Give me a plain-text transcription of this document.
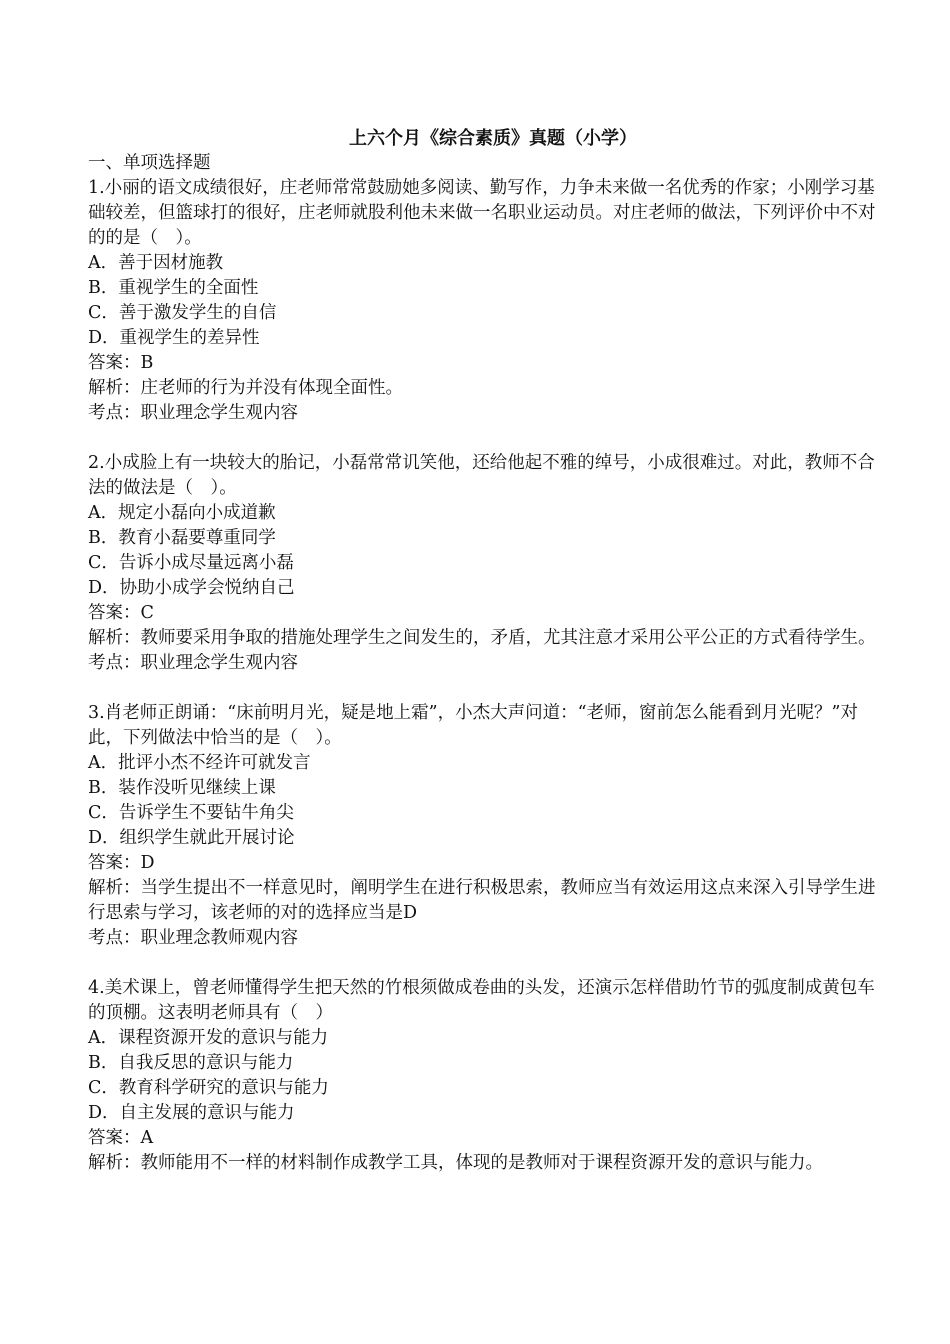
上六个月《综合素质》真题（小学）

一、单项选择题

1.小丽的语文成绩很好，庄老师常常鼓励她多阅读、勤写作，力争未来做一名优秀的作家；小刚学习基础较差，但篮球打的很好，庄老师就股利他未来做一名职业运动员。对庄老师的做法，下列评价中不对的的是（　）。

A．善于因材施教

B．重视学生的全面性

C．善于激发学生的自信

D．重视学生的差异性

答案：B

解析：庄老师的行为并没有体现全面性。

考点：职业理念学生观内容

2.小成脸上有一块较大的胎记，小磊常常讥笑他，还给他起不雅的绰号，小成很难过。对此，教师不合法的做法是（　）。

A．规定小磊向小成道歉

B．教育小磊要尊重同学

C．告诉小成尽量远离小磊

D．协助小成学会悦纳自己

答案：C

解析：教师要采用争取的措施处理学生之间发生的，矛盾，尤其注意才采用公平公正的方式看待学生。

考点：职业理念学生观内容

3.肖老师正朗诵：“床前明月光，疑是地上霜”，小杰大声问道：“老师，窗前怎么能看到月光呢？”对此，下列做法中恰当的是（　）。

A．批评小杰不经许可就发言

B．装作没听见继续上课

C．告诉学生不要钻牛角尖

D．组织学生就此开展讨论

答案：D

解析：当学生提出不一样意见时，阐明学生在进行积极思索，教师应当有效运用这点来深入引导学生进行思索与学习，该老师的对的选择应当是D

考点：职业理念教师观内容

4.美术课上，曾老师懂得学生把天然的竹根须做成卷曲的头发，还演示怎样借助竹节的弧度制成黄包车的顶棚。这表明老师具有（　）

A．课程资源开发的意识与能力

B．自我反思的意识与能力

C．教育科学研究的意识与能力

D．自主发展的意识与能力

答案：A

解析：教师能用不一样的材料制作成教学工具，体现的是教师对于课程资源开发的意识与能力。
